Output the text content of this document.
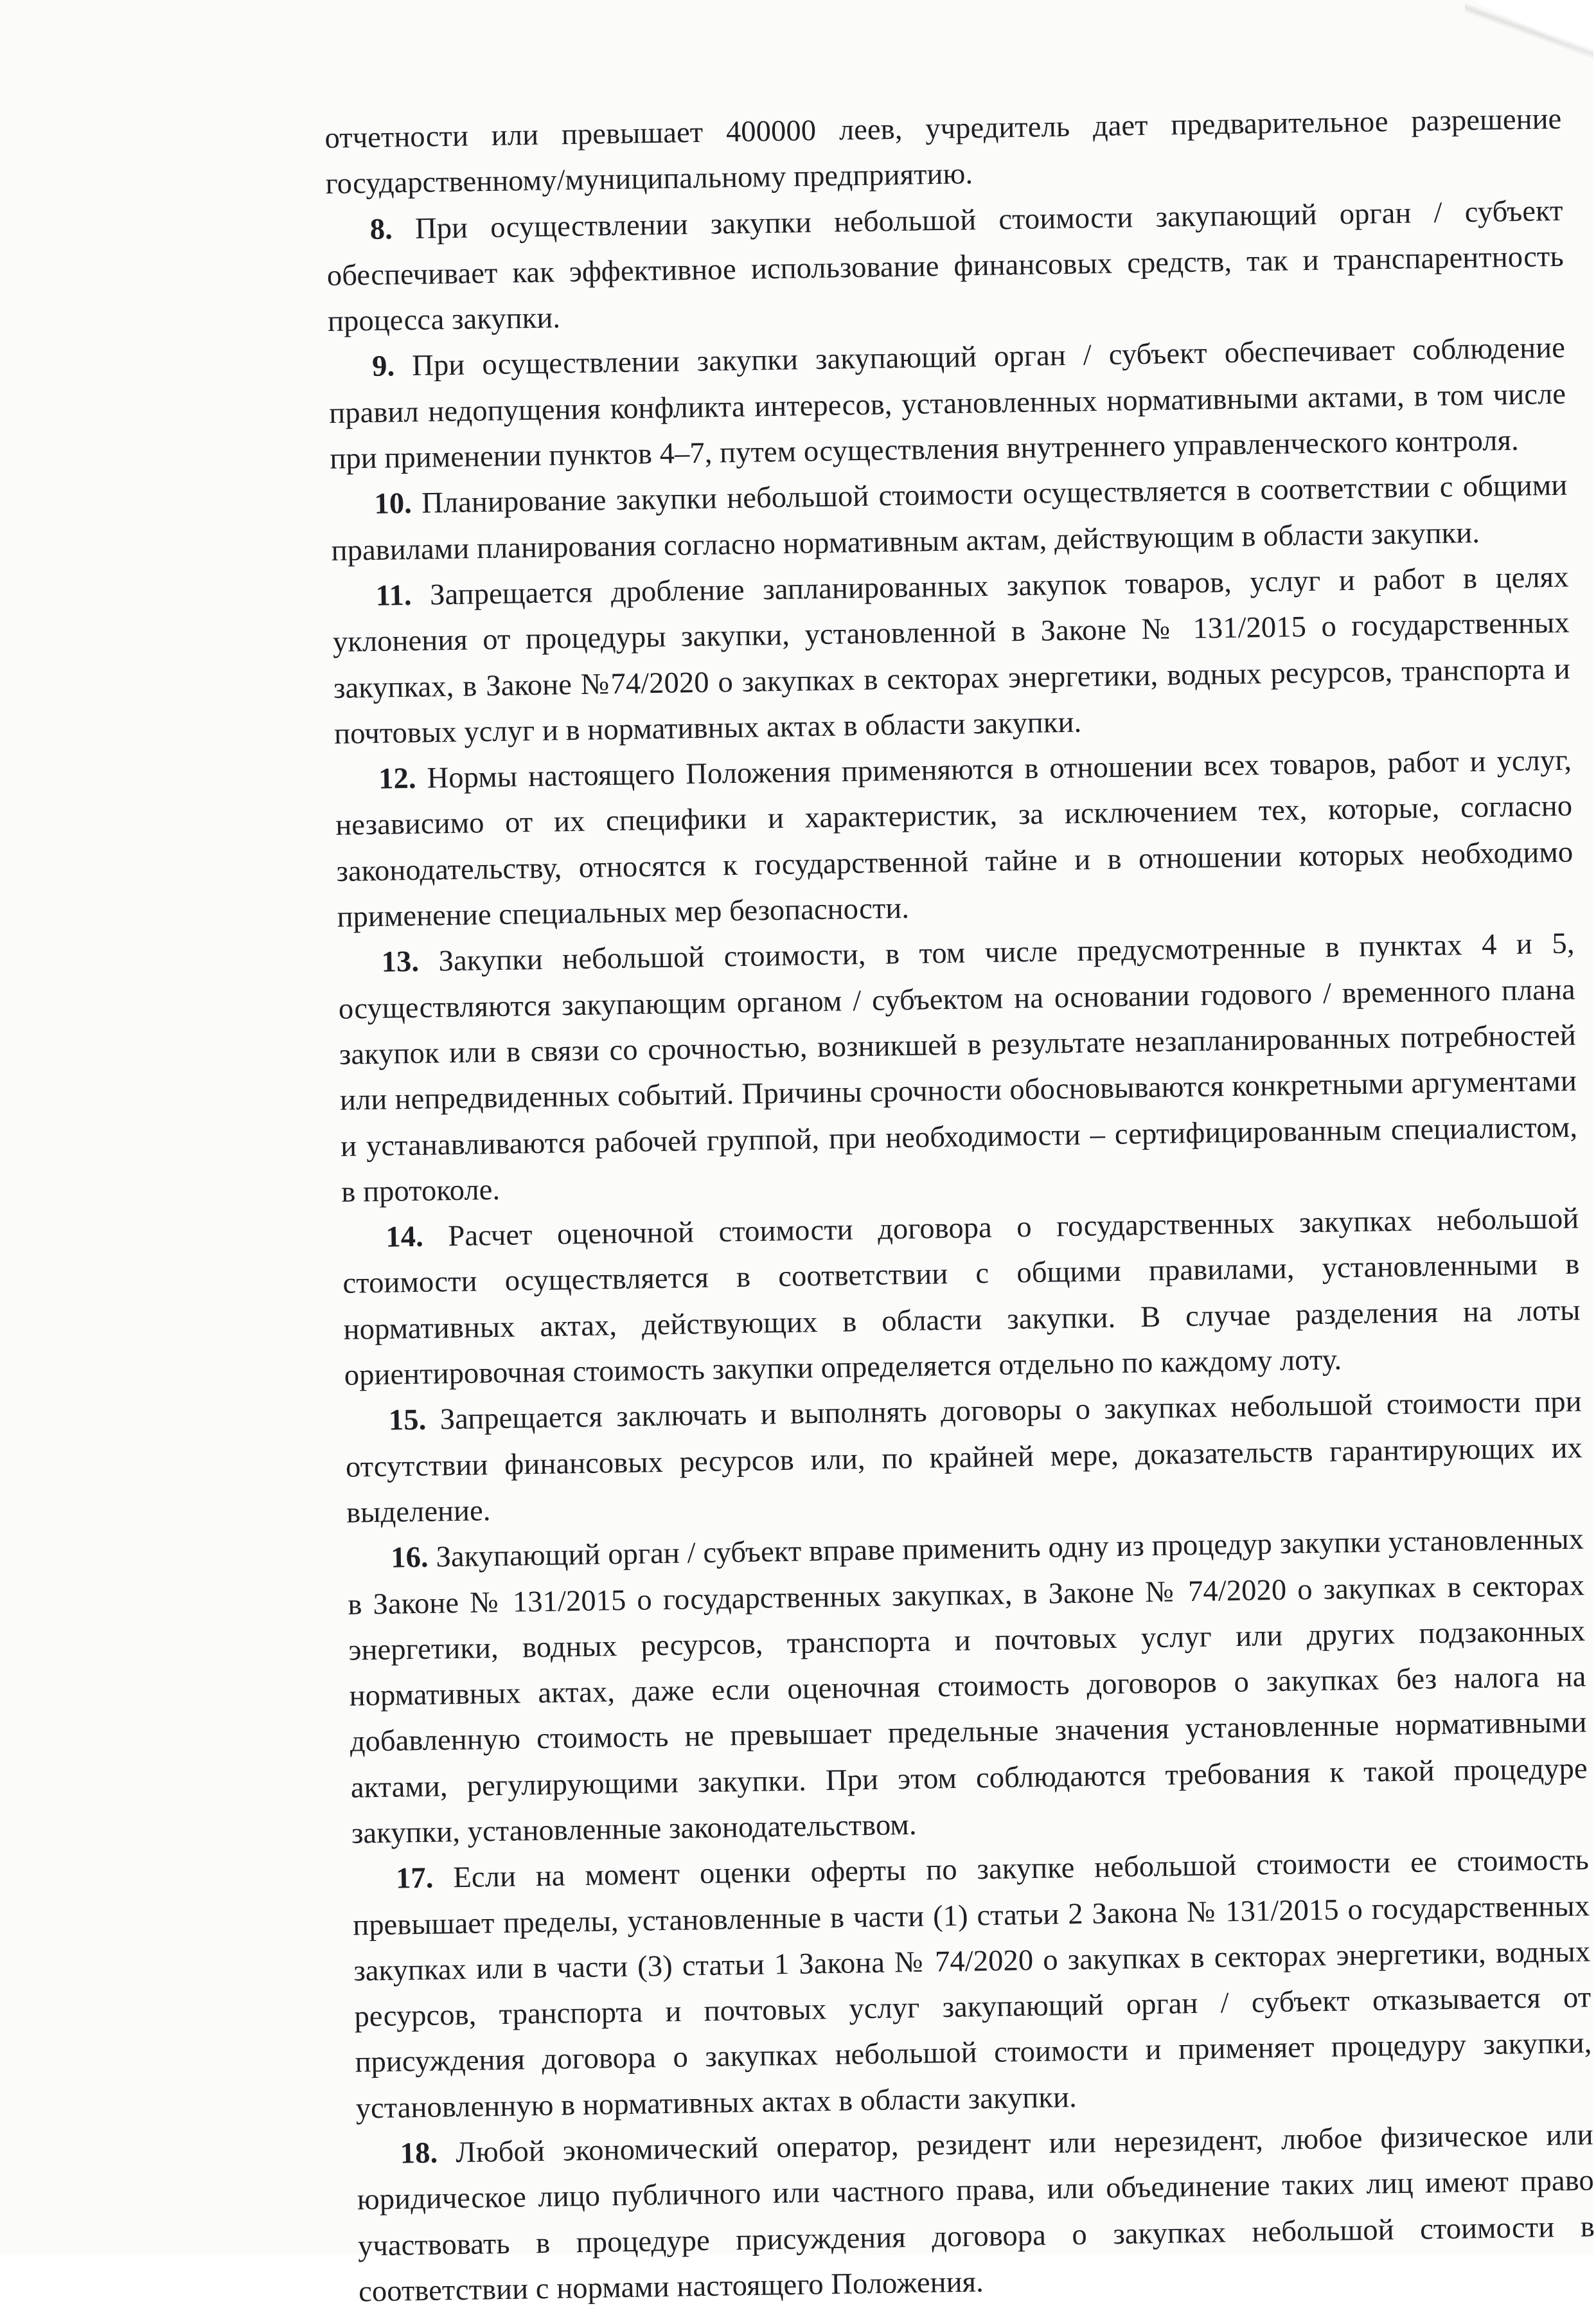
отчетности или превышает 400000 леев, учредитель дает предварительное разрешение государственному/муниципальному предприятию.

8. При осуществлении закупки небольшой стоимости закупающий орган / субъект обеспечивает как эффективное использование финансовых средств, так и транспарентность процесса закупки.

9. При осуществлении закупки закупающий орган / субъект обеспечивает соблюдение правил недопущения конфликта интересов, установленных нормативными актами, в том числе при применении пунктов 4–7, путем осуществления внутреннего управленческого контроля.

10. Планирование закупки небольшой стоимости осуществляется в соответствии с общими правилами планирования согласно нормативным актам, действующим в области закупки.

11. Запрещается дробление запланированных закупок товаров, услуг и работ в целях уклонения от процедуры закупки, установленной в Законе № 131/2015 о государственных закупках, в Законе №74/2020 о закупках в секторах энергетики, водных ресурсов, транспорта и почтовых услуг и в нормативных актах в области закупки.

12. Нормы настоящего Положения применяются в отношении всех товаров, работ и услуг, независимо от их специфики и характеристик, за исключением тех, которые, согласно законодательству, относятся к государственной тайне и в отношении которых необходимо применение специальных мер безопасности.

13. Закупки небольшой стоимости, в том числе предусмотренные в пунктах 4 и 5, осуществляются закупающим органом / субъектом на основании годового / временного плана закупок или в связи со срочностью, возникшей в результате незапланированных потребностей или непредвиденных событий. Причины срочности обосновываются конкретными аргументами и устанавливаются рабочей группой, при необходимости – сертифицированным специалистом, в протоколе.

14. Расчет оценочной стоимости договора о государственных закупках небольшой стоимости осуществляется в соответствии с общими правилами, установленными в нормативных актах, действующих в области закупки. В случае разделения на лоты ориентировочная стоимость закупки определяется отдельно по каждому лоту.

15. Запрещается заключать и выполнять договоры о закупках небольшой стоимости при отсутствии финансовых ресурсов или, по крайней мере, доказательств гарантирующих их выделение.

16. Закупающий орган / субъект вправе применить одну из процедур закупки установленных в Законе № 131/2015 о государственных закупках, в Законе № 74/2020 о закупках в секторах энергетики, водных ресурсов, транспорта и почтовых услуг или других подзаконных нормативных актах, даже если оценочная стоимость договоров о закупках без налога на добавленную стоимость не превышает предельные значения установленные нормативными актами, регулирующими закупки. При этом соблюдаются требования к такой процедуре закупки, установленные законодательством.

17. Если на момент оценки оферты по закупке небольшой стоимости ее стоимость превышает пределы, установленные в части (1) статьи 2 Закона № 131/2015 о государственных закупках или в части (3) статьи 1 Закона № 74/2020 о закупках в секторах энергетики, водных ресурсов, транспорта и почтовых услуг закупающий орган / субъект отказывается от присуждения договора о закупках небольшой стоимости и применяет процедуру закупки, установленную в нормативных актах в области закупки.

18. Любой экономический оператор, резидент или нерезидент, любое физическое или юридическое лицо публичного или частного права, или объединение таких лиц имеют право участвовать в процедуре присуждения договора о закупках небольшой стоимости в соответствии с нормами настоящего Положения.
